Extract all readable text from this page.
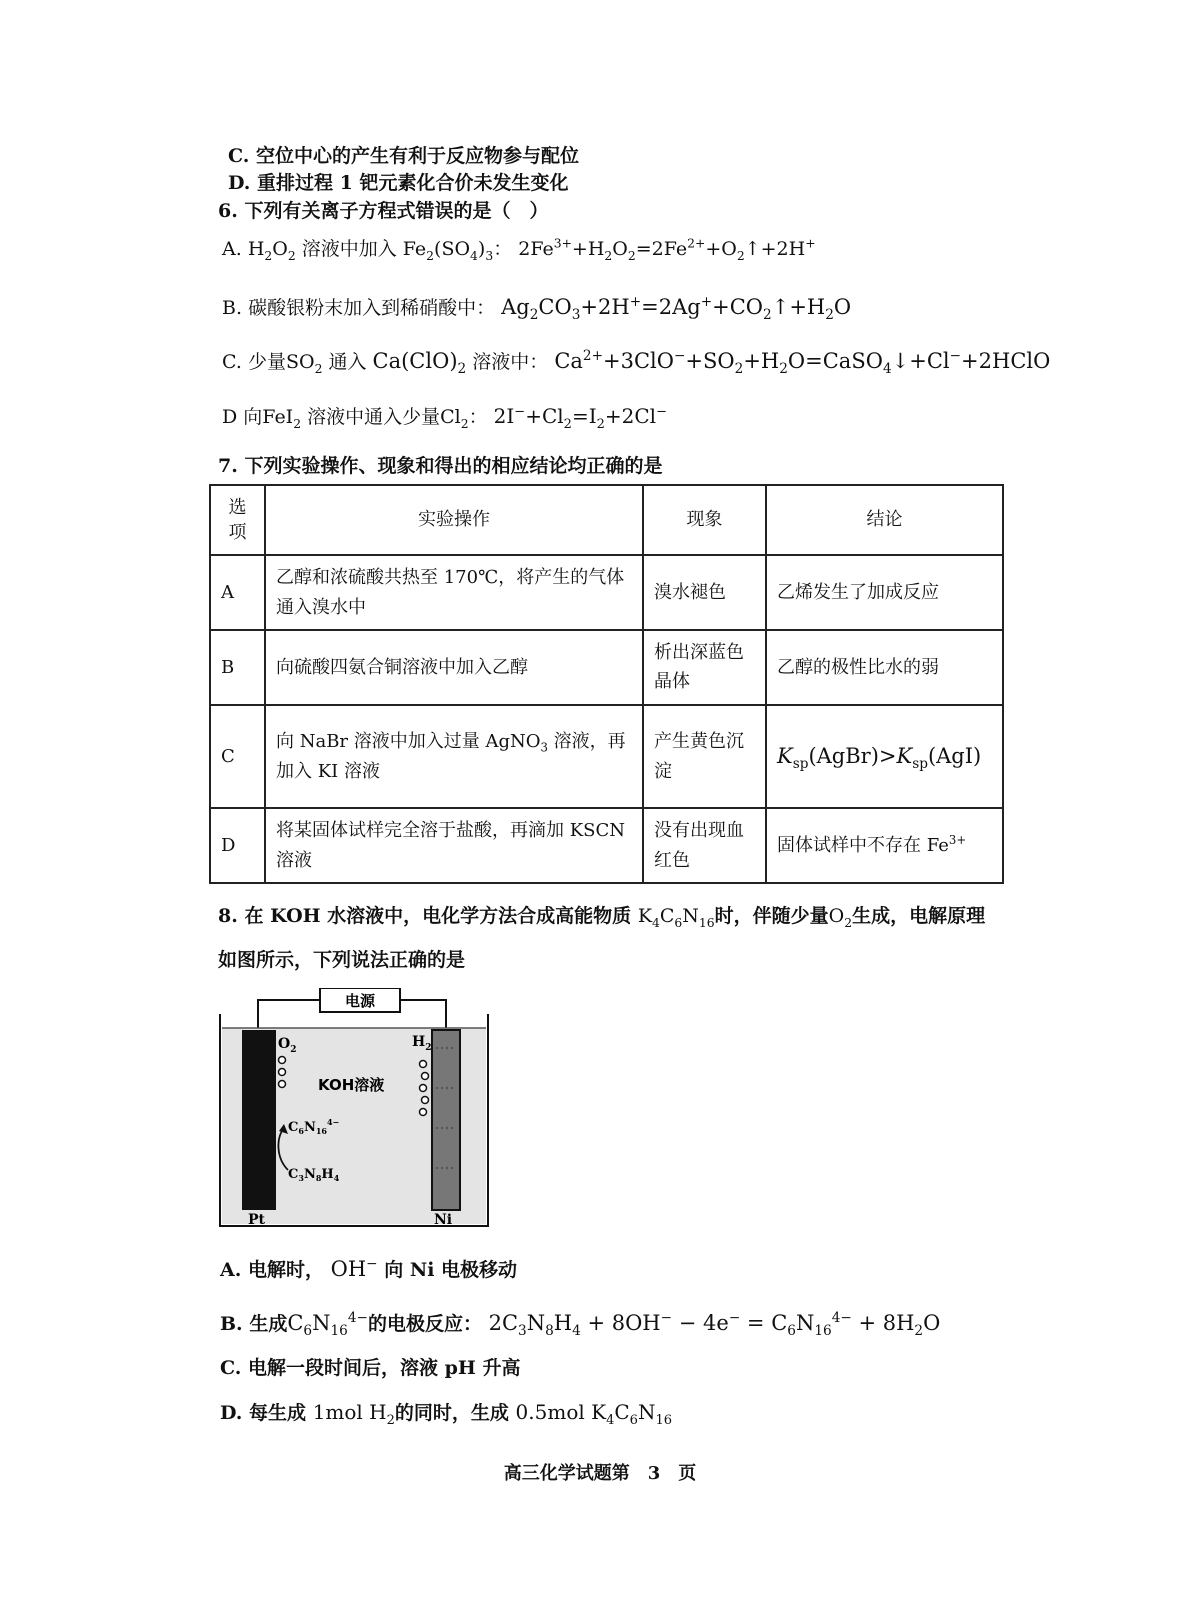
C. 空位中心的产生有利于反应物参与配位
D. 重排过程 1 钯元素化合价未发生变化
6. 下列有关离子方程式错误的是（　）
A. $H_2O_2$ 溶液中加入 $Fe_2(SO_4)_3$： $2Fe^{3+}+H_2O_2=2Fe^{2+}+O_2↑+2H^+$
B. 碳酸银粉末加入到稀硝酸中： $Ag_2CO_3+2H^+=2Ag^++CO_2↑+H_2O$
C. 少量$SO_2$ 通入 $Ca(ClO)_2$ 溶液中： $Ca^{2+}+3ClO^-+SO_2+H_2O=CaSO_4↓+Cl^-+2HClO$
D 向FeI$_2$ 溶液中通入少量$Cl_2$： $2I^-+Cl_2=I_2+2Cl^-$
7. 下列实验操作、现象和得出的相应结论均正确的是
选
项	实验操作	现象	结论
A	乙醇和浓硫酸共热至 170℃，将产生的气体通入溴水中	溴水褪色	乙烯发生了加成反应
B	向硫酸四氨合铜溶液中加入乙醇	析出深蓝色晶体	乙醇的极性比水的弱
C	向 NaBr 溶液中加入过量 AgNO$_3$ 溶液，再加入 KI 溶液	产生黄色沉淀	$K_{sp}(AgBr)>K_{sp}(AgI)$
D	将某固体试样完全溶于盐酸，再滴加 KSCN 溶液	没有出现血红色	固体试样中不存在 $Fe^{3+}$
8. 在 KOH 水溶液中，电化学方法合成高能物质 $K_4C_6N_{16}$时，伴随少量$O_2$生成，电解原理
如图所示，下列说法正确的是
电源
$O_2$	$H_2$
KOH溶液
$C_6N_{16}^{4-}$
$C_3N_8H_4$
Pt	Ni
A. 电解时， OH− 向 Ni 电极移动
B. 生成$C_6N_{16}^{4-}$的电极反应： $2C_3N_8H_4 + 8OH^- - 4e^- = C_6N_{16}^{4-} + 8H_2O$
C. 电解一段时间后，溶液 pH 升高
D. 每生成 1mol $H_2$的同时，生成 0.5mol $K_4C_6N_{16}$
高三化学试题第　3　页
